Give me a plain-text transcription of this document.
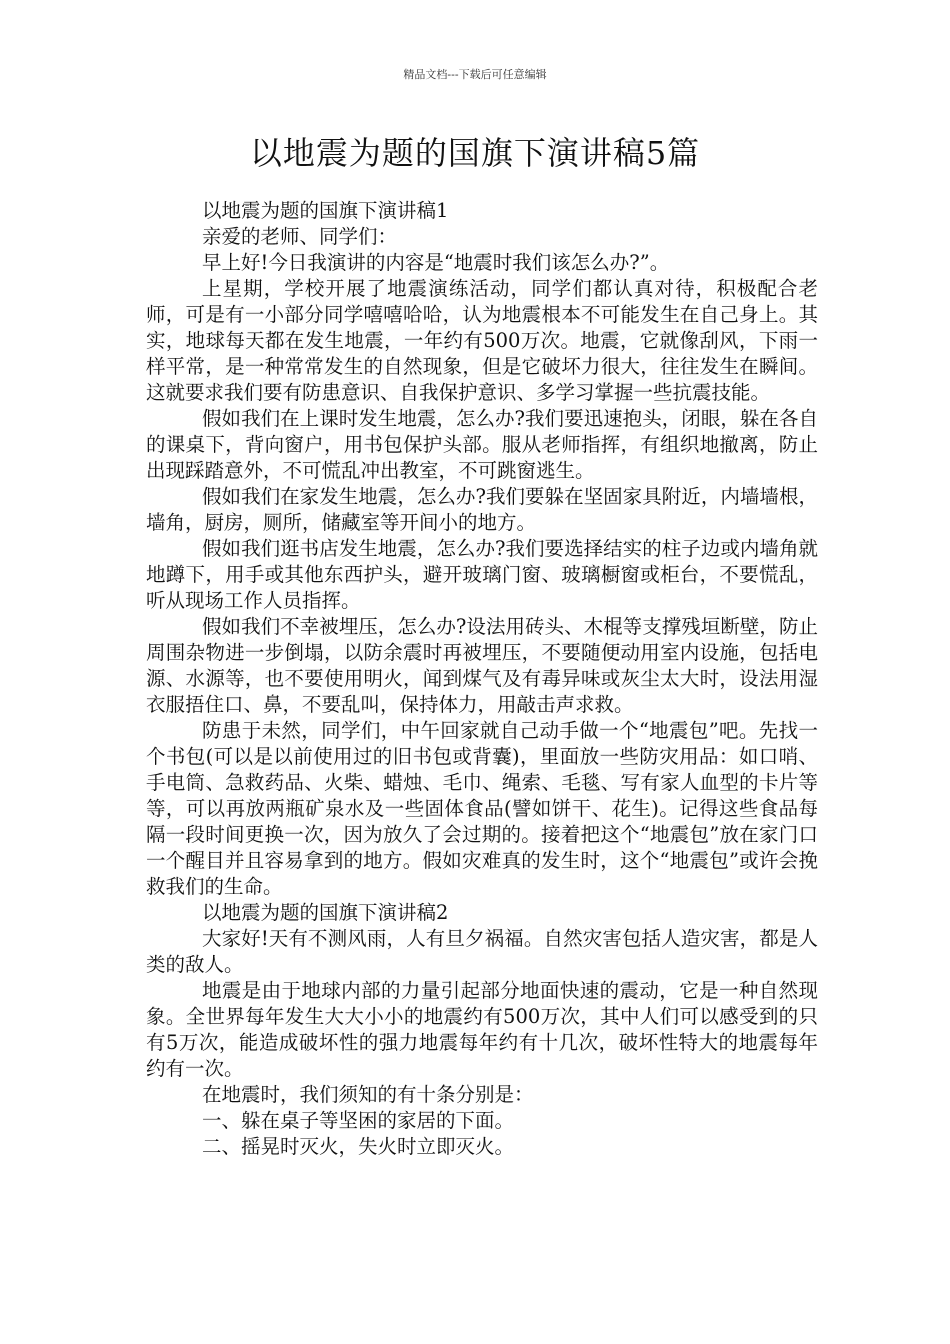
精品文档---下载后可任意编辑
以地震为题的国旗下演讲稿5篇

以地震为题的国旗下演讲稿1

亲爱的老师、同学们：

早上好!今日我演讲的内容是“地震时我们该怎么办?”。

上星期，学校开展了地震演练活动，同学们都认真对待，积极配合老师，可是有一小部分同学嘻嘻哈哈，认为地震根本不可能发生在自己身上。其实，地球每天都在发生地震，一年约有500万次。地震，它就像刮风，下雨一样平常，是一种常常发生的自然现象，但是它破坏力很大，往往发生在瞬间。这就要求我们要有防患意识、自我保护意识、多学习掌握一些抗震技能。

假如我们在上课时发生地震，怎么办?我们要迅速抱头，闭眼，躲在各自的课桌下，背向窗户，用书包保护头部。服从老师指挥，有组织地撤离，防止出现踩踏意外，不可慌乱冲出教室，不可跳窗逃生。

假如我们在家发生地震，怎么办?我们要躲在坚固家具附近，内墙墙根，墙角，厨房，厕所，储藏室等开间小的地方。

假如我们逛书店发生地震，怎么办?我们要选择结实的柱子边或内墙角就地蹲下，用手或其他东西护头，避开玻璃门窗、玻璃橱窗或柜台，不要慌乱，听从现场工作人员指挥。

假如我们不幸被埋压，怎么办?设法用砖头、木棍等支撑残垣断壁，防止周围杂物进一步倒塌，以防余震时再被埋压，不要随便动用室内设施，包括电源、水源等，也不要使用明火，闻到煤气及有毒异味或灰尘太大时，设法用湿衣服捂住口、鼻，不要乱叫，保持体力，用敲击声求救。

防患于未然，同学们，中午回家就自己动手做一个“地震包”吧。先找一个书包(可以是以前使用过的旧书包或背囊)，里面放一些防灾用品：如口哨、手电筒、急救药品、火柴、蜡烛、毛巾、绳索、毛毯、写有家人血型的卡片等等，可以再放两瓶矿泉水及一些固体食品(譬如饼干、花生)。记得这些食品每隔一段时间更换一次，因为放久了会过期的。接着把这个“地震包”放在家门口一个醒目并且容易拿到的地方。假如灾难真的发生时，这个“地震包”或许会挽救我们的生命。

以地震为题的国旗下演讲稿2

大家好!天有不测风雨，人有旦夕祸福。自然灾害包括人造灾害，都是人类的敌人。

地震是由于地球内部的力量引起部分地面快速的震动，它是一种自然现象。全世界每年发生大大小小的地震约有500万次，其中人们可以感受到的只有5万次，能造成破坏性的强力地震每年约有十几次，破坏性特大的地震每年约有一次。

在地震时，我们须知的有十条分别是：

一、躲在桌子等坚困的家居的下面。

二、摇晃时灭火，失火时立即灭火。
